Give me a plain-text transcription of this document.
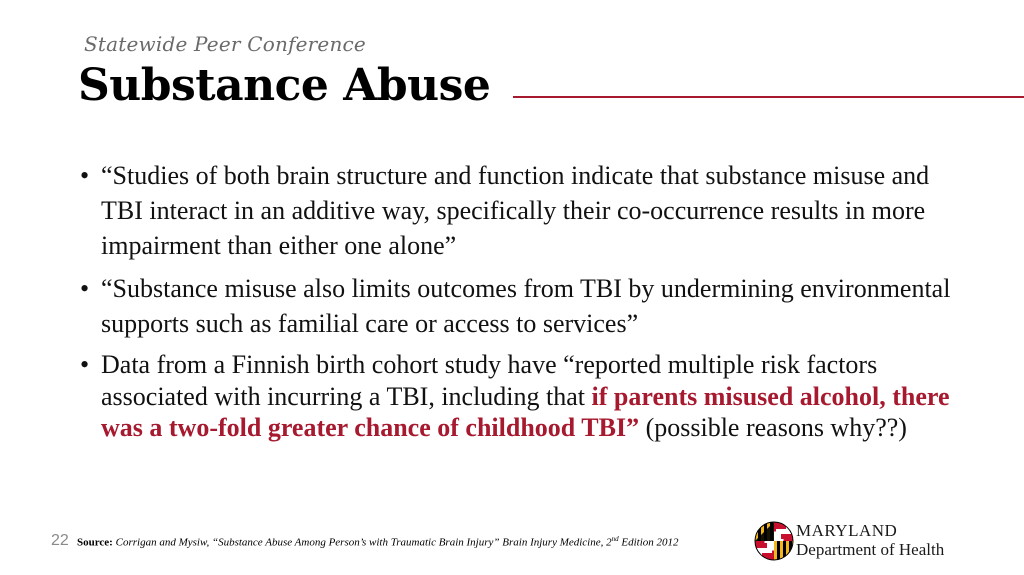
Statewide Peer Conference
Substance Abuse
• “Studies of both brain structure and function indicate that substance misuse and TBI interact in an additive way, specifically their co-occurrence results in more impairment than either one alone”
• “Substance misuse also limits outcomes from TBI by undermining environmental supports such as familial care or access to services”
• Data from a Finnish birth cohort study have “reported multiple risk factors associated with incurring a TBI, including that if parents misused alcohol, there was a two-fold greater chance of childhood TBI” (possible reasons why??)
22 Source: Corrigan and Mysiw, “Substance Abuse Among Person’s with Traumatic Brain Injury” Brain Injury Medicine, 2nd Edition 2012
MARYLAND
Department of Health
